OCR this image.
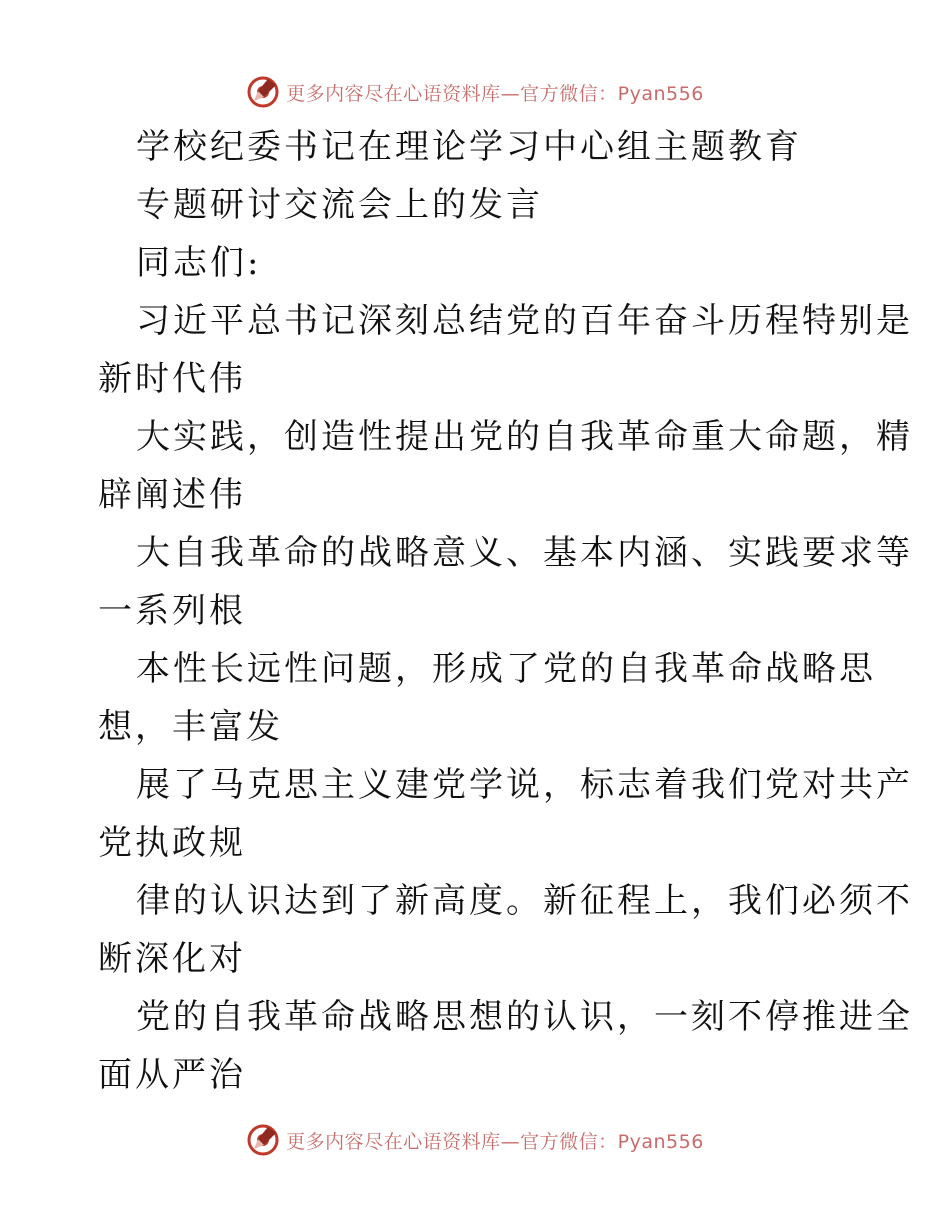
更多内容尽在心语资料库—官方微信：Pyan556
学校纪委书记在理论学习中心组主题教育
专题研讨交流会上的发言
同志们:
习近平总书记深刻总结党的百年奋斗历程特别是
新时代伟
大实践，创造性提出党的自我革命重大命题，精
辟阐述伟
大自我革命的战略意义、基本内涵、实践要求等
一系列根
本性长远性问题，形成了党的自我革命战略思
想，丰富发
展了马克思主义建党学说，标志着我们党对共产
党执政规
律的认识达到了新高度。新征程上，我们必须不
断深化对
党的自我革命战略思想的认识，一刻不停推进全
面从严治
更多内容尽在心语资料库—官方微信：Pyan556
